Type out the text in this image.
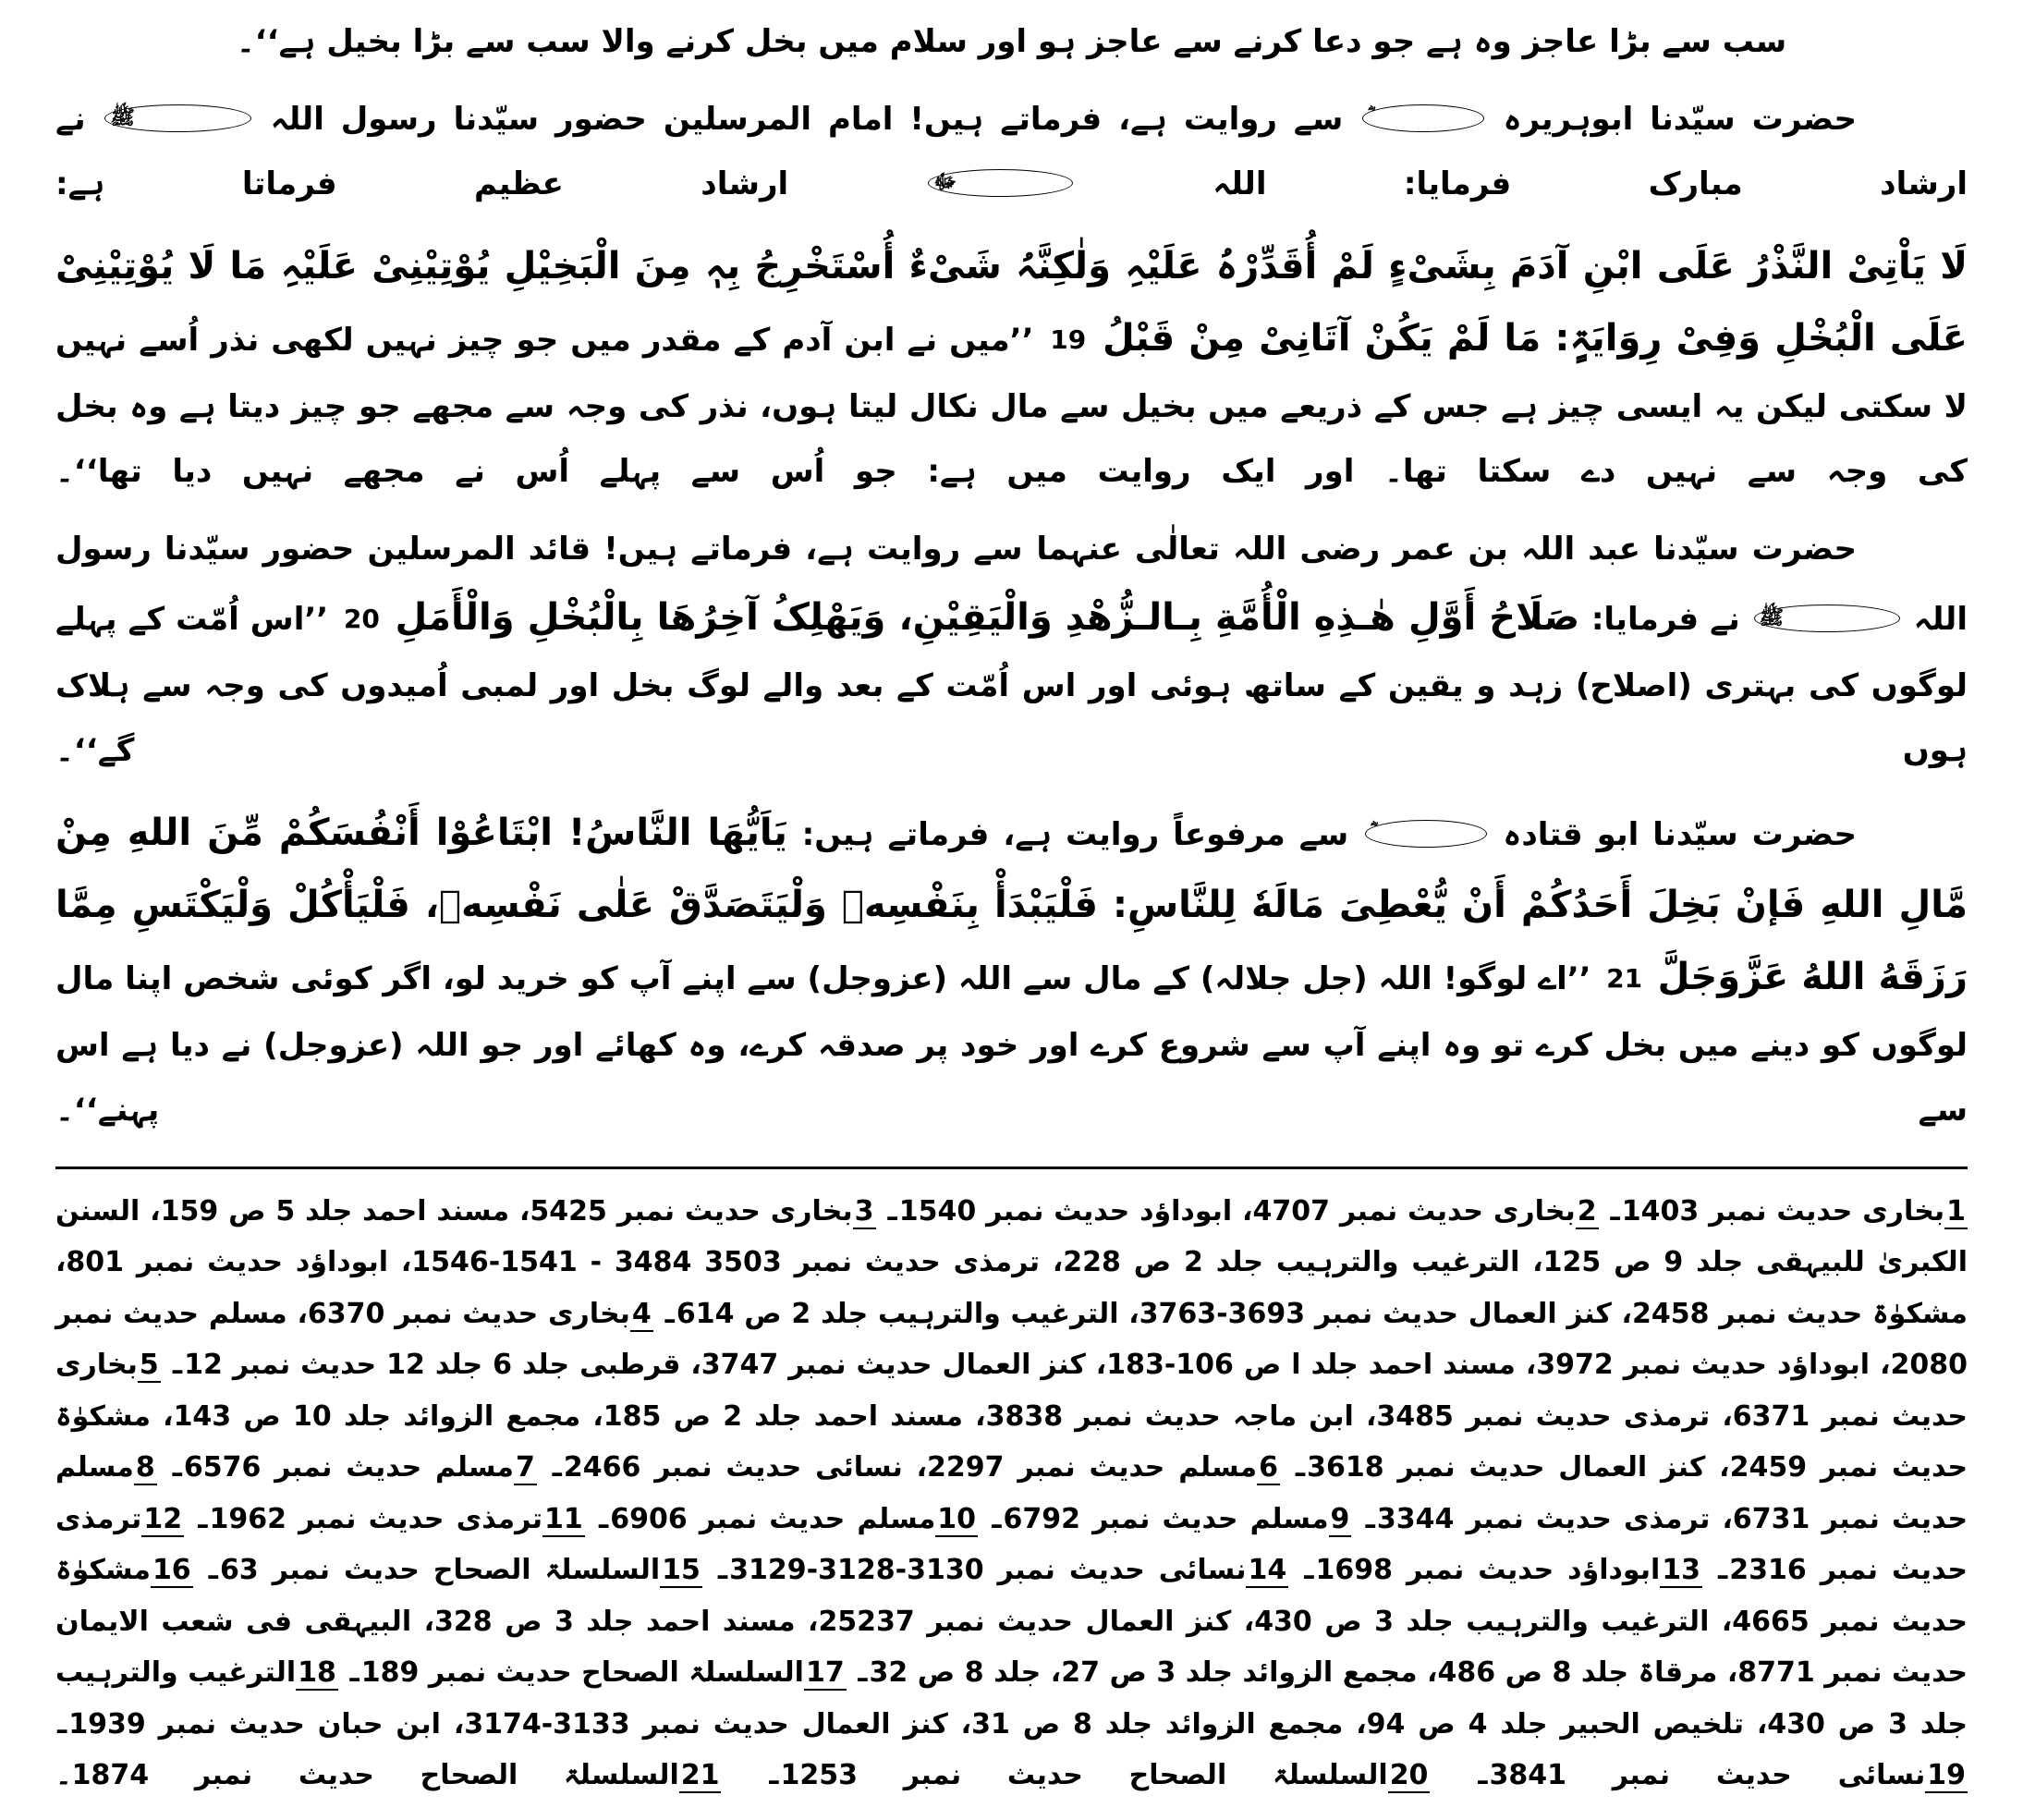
سب سے بڑا عاجز وہ ہے جو دعا کرنے سے عاجز ہو اور سلام میں بخل کرنے والا سب سے بڑا بخیل ہے‘‘۔

حضرت سیّدنا ابوہریرہ  سے روایت ہے، فرماتے ہیں! امام المرسلین حضور سیّدنا رسول اللہ ﷺ نے ارشاد مبارک فرمایا: اللہ ﷻ ارشاد عظیم فرماتا ہے:

لَا یَاْتِیْ النَّذْرُ عَلَی ابْنِ آدَمَ بِشَیْءٍ لَمْ أُقَدِّرْہُ عَلَیْہِ وَلٰکِنَّہُ شَیْءٌ أُسْتَخْرِجُ بِہٖ مِنَ الْبَخِیْلِ یُوْتِیْنِیْ عَلَیْہِ مَا لَا یُوْتِیْنِیْ عَلَی الْبُخْلِ وَفِیْ رِوَایَۃٍ: مَا لَمْ یَکُنْ آتَانِیْ مِنْ قَبْلُ 19 ’’میں نے ابن آدم کے مقدر میں جو چیز نہیں لکھی نذر اُسے نہیں لا سکتی لیکن یہ ایسی چیز ہے جس کے ذریعے میں بخیل سے مال نکال لیتا ہوں، نذر کی وجہ سے مجھے جو چیز دیتا ہے وہ بخل کی وجہ سے نہیں دے سکتا تھا۔ اور ایک روایت میں ہے: جو اُس سے پہلے اُس نے مجھے نہیں دیا تھا‘‘۔

حضرت سیّدنا عبد اللہ بن عمر رضی اللہ تعالٰی عنہما سے روایت ہے، فرماتے ہیں! قائد المرسلین حضور سیّدنا رسول اللہ ﷺ نے فرمایا: صَلَاحُ أَوَّلِ هٰـذِهِ الْأُمَّةِ بِـالـزُّهْدِ وَالْیَقِیْنِ، وَیَهْلِکُ آخِرُهَا بِالْبُخْلِ وَالْأَمَلِ 20 ’’اس اُمّت کے پہلے لوگوں کی بہتری (اصلاح) زہد و یقین کے ساتھ ہوئی اور اس اُمّت کے بعد والے لوگ بخل اور لمبی اُمیدوں کی وجہ سے ہلاک ہوں گے‘‘۔

حضرت سیّدنا ابو قتادہ  سے مرفوعاً روایت ہے، فرماتے ہیں: یَاَیُّهَا النَّاسُ! ابْتَاعُوْا أَنْفُسَکُمْ مِّنَ اللهِ مِنْ مَّالِ اللهِ فَإنْ بَخِلَ أَحَدُکُمْ أَنْ یُّعْطِیَ مَالَهٗ لِلنَّاسِ: فَلْیَبْدَأْ بِنَفْسِهٖ وَلْیَتَصَدَّقْ عَلٰی نَفْسِهٖ، فَلْیَأْکُلْ وَلْیَکْتَسِ مِمَّا رَزَقَهُ اللهُ عَزَّوَجَلَّ 21 ’’اے لوگو! اللہ (جل جلالہ) کے مال سے اللہ (عزوجل) سے اپنے آپ کو خرید لو، اگر کوئی شخص اپنا مال لوگوں کو دینے میں بخل کرے تو وہ اپنے آپ سے شروع کرے اور خود پر صدقہ کرے، وہ کھائے اور جو اللہ (عزوجل) نے دیا ہے اس سے پہنے‘‘۔

1بخاری حدیث نمبر 1403ـ 2بخاری حدیث نمبر 4707، ابوداؤد حدیث نمبر 1540ـ 3بخاری حدیث نمبر 5425، مسند احمد جلد 5 ص 159، السنن الکبریٰ للبیہقی جلد 9 ص 125، الترغیب والترہیب جلد 2 ص 228، ترمذی حدیث نمبر 3503 3484 - 1541-1546، ابوداؤد حدیث نمبر 801، مشکوٰۃ حدیث نمبر 2458، کنز العمال حدیث نمبر 3693-3763، الترغیب والترہیب جلد 2 ص 614ـ 4بخاری حدیث نمبر 6370، مسلم حدیث نمبر 2080، ابوداؤد حدیث نمبر 3972، مسند احمد جلد ا ص 106-183، کنز العمال حدیث نمبر 3747، قرطبی جلد 6 جلد 12 حدیث نمبر 12ـ 5بخاری حدیث نمبر 6371، ترمذی حدیث نمبر 3485، ابن ماجہ حدیث نمبر 3838، مسند احمد جلد 2 ص 185، مجمع الزوائد جلد 10 ص 143، مشکوٰۃ حدیث نمبر 2459، کنز العمال حدیث نمبر 3618ـ 6مسلم حدیث نمبر 2297، نسائی حدیث نمبر 2466ـ 7مسلم حدیث نمبر 6576ـ 8مسلم حدیث نمبر 6731، ترمذی حدیث نمبر 3344ـ 9مسلم حدیث نمبر 6792ـ 10مسلم حدیث نمبر 6906ـ 11ترمذی حدیث نمبر 1962ـ 12ترمذی حدیث نمبر 2316ـ 13ابوداؤد حدیث نمبر 1698ـ 14نسائی حدیث نمبر 3130-3128-3129ـ 15السلسلۃ الصحاح حدیث نمبر 63ـ 16مشکوٰۃ حدیث نمبر 4665، الترغیب والترہیب جلد 3 ص 430، کنز العمال حدیث نمبر 25237، مسند احمد جلد 3 ص 328، البیہقی فی شعب الایمان حدیث نمبر 8771، مرقاۃ جلد 8 ص 486، مجمع الزوائد جلد 3 ص 27، جلد 8 ص 32ـ 17السلسلۃ الصحاح حدیث نمبر 189ـ 18الترغیب والترہیب جلد 3 ص 430، تلخیص الحبیر جلد 4 ص 94، مجمع الزوائد جلد 8 ص 31، کنز العمال حدیث نمبر 3133-3174، ابن حبان حدیث نمبر 1939ـ 19نسائی حدیث نمبر 3841ـ 20السلسلۃ الصحاح حدیث نمبر 1253ـ 21السلسلۃ الصحاح حدیث نمبر 1874۔
